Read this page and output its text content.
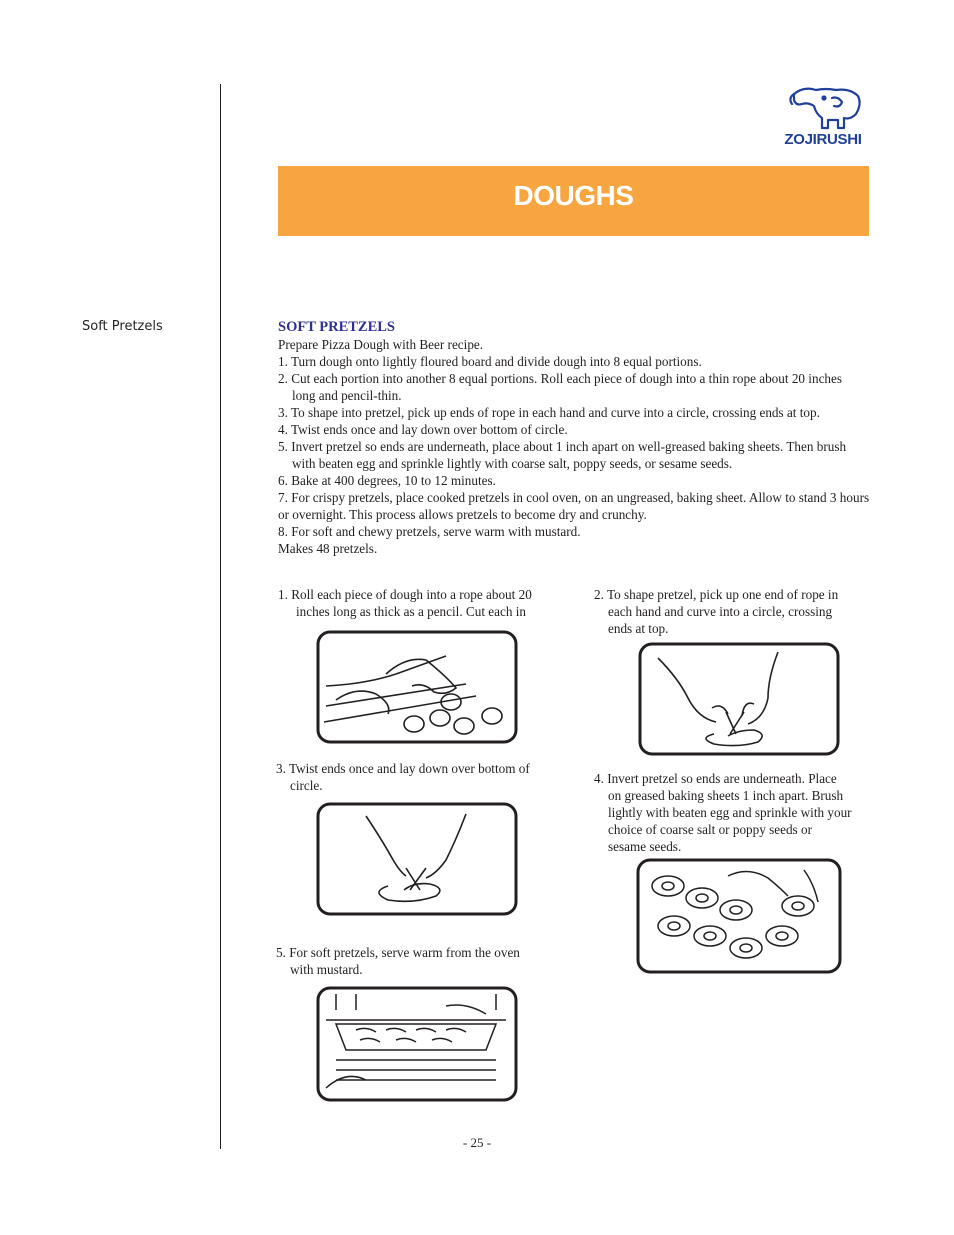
ZOJIRUSHI
DOUGHS
Soft Pretzels	SOFT PRETZELS
Prepare Pizza Dough with Beer recipe.
1. Turn dough onto lightly floured board and divide dough into 8 equal portions.
2. Cut each portion into another 8 equal portions. Roll each piece of dough into a thin rope about 20 inches long and pencil-thin.
3. To shape into pretzel, pick up ends of rope in each hand and curve into a circle, crossing ends at top.
4. Twist ends once and lay down over bottom of circle.
5. Invert pretzel so ends are underneath, place about 1 inch apart on well-greased baking sheets. Then brush with beaten egg and sprinkle lightly with coarse salt, poppy seeds, or sesame seeds.
6. Bake at 400 degrees, 10 to 12 minutes.
7. For crispy pretzels, place cooked pretzels in cool oven, on an ungreased, baking sheet. Allow to stand 3 hours or overnight. This process allows pretzels to become dry and crunchy.
8. For soft and chewy pretzels, serve warm with mustard.
Makes 48 pretzels.
1. Roll each piece of dough into a rope about 20
inches long as thick as a pencil. Cut each in
2. To shape pretzel, pick up one end of rope in
each hand and curve into a circle, crossing
ends at top.
3. Twist ends once and lay down over bottom of
circle.	4. Invert pretzel so ends are underneath. Place
on greased baking sheets 1 inch apart. Brush
lightly with beaten egg and sprinkle with your
choice of coarse salt or poppy seeds or
sesame seeds.
5. For soft pretzels, serve warm from the oven
with mustard.
- 25 -
